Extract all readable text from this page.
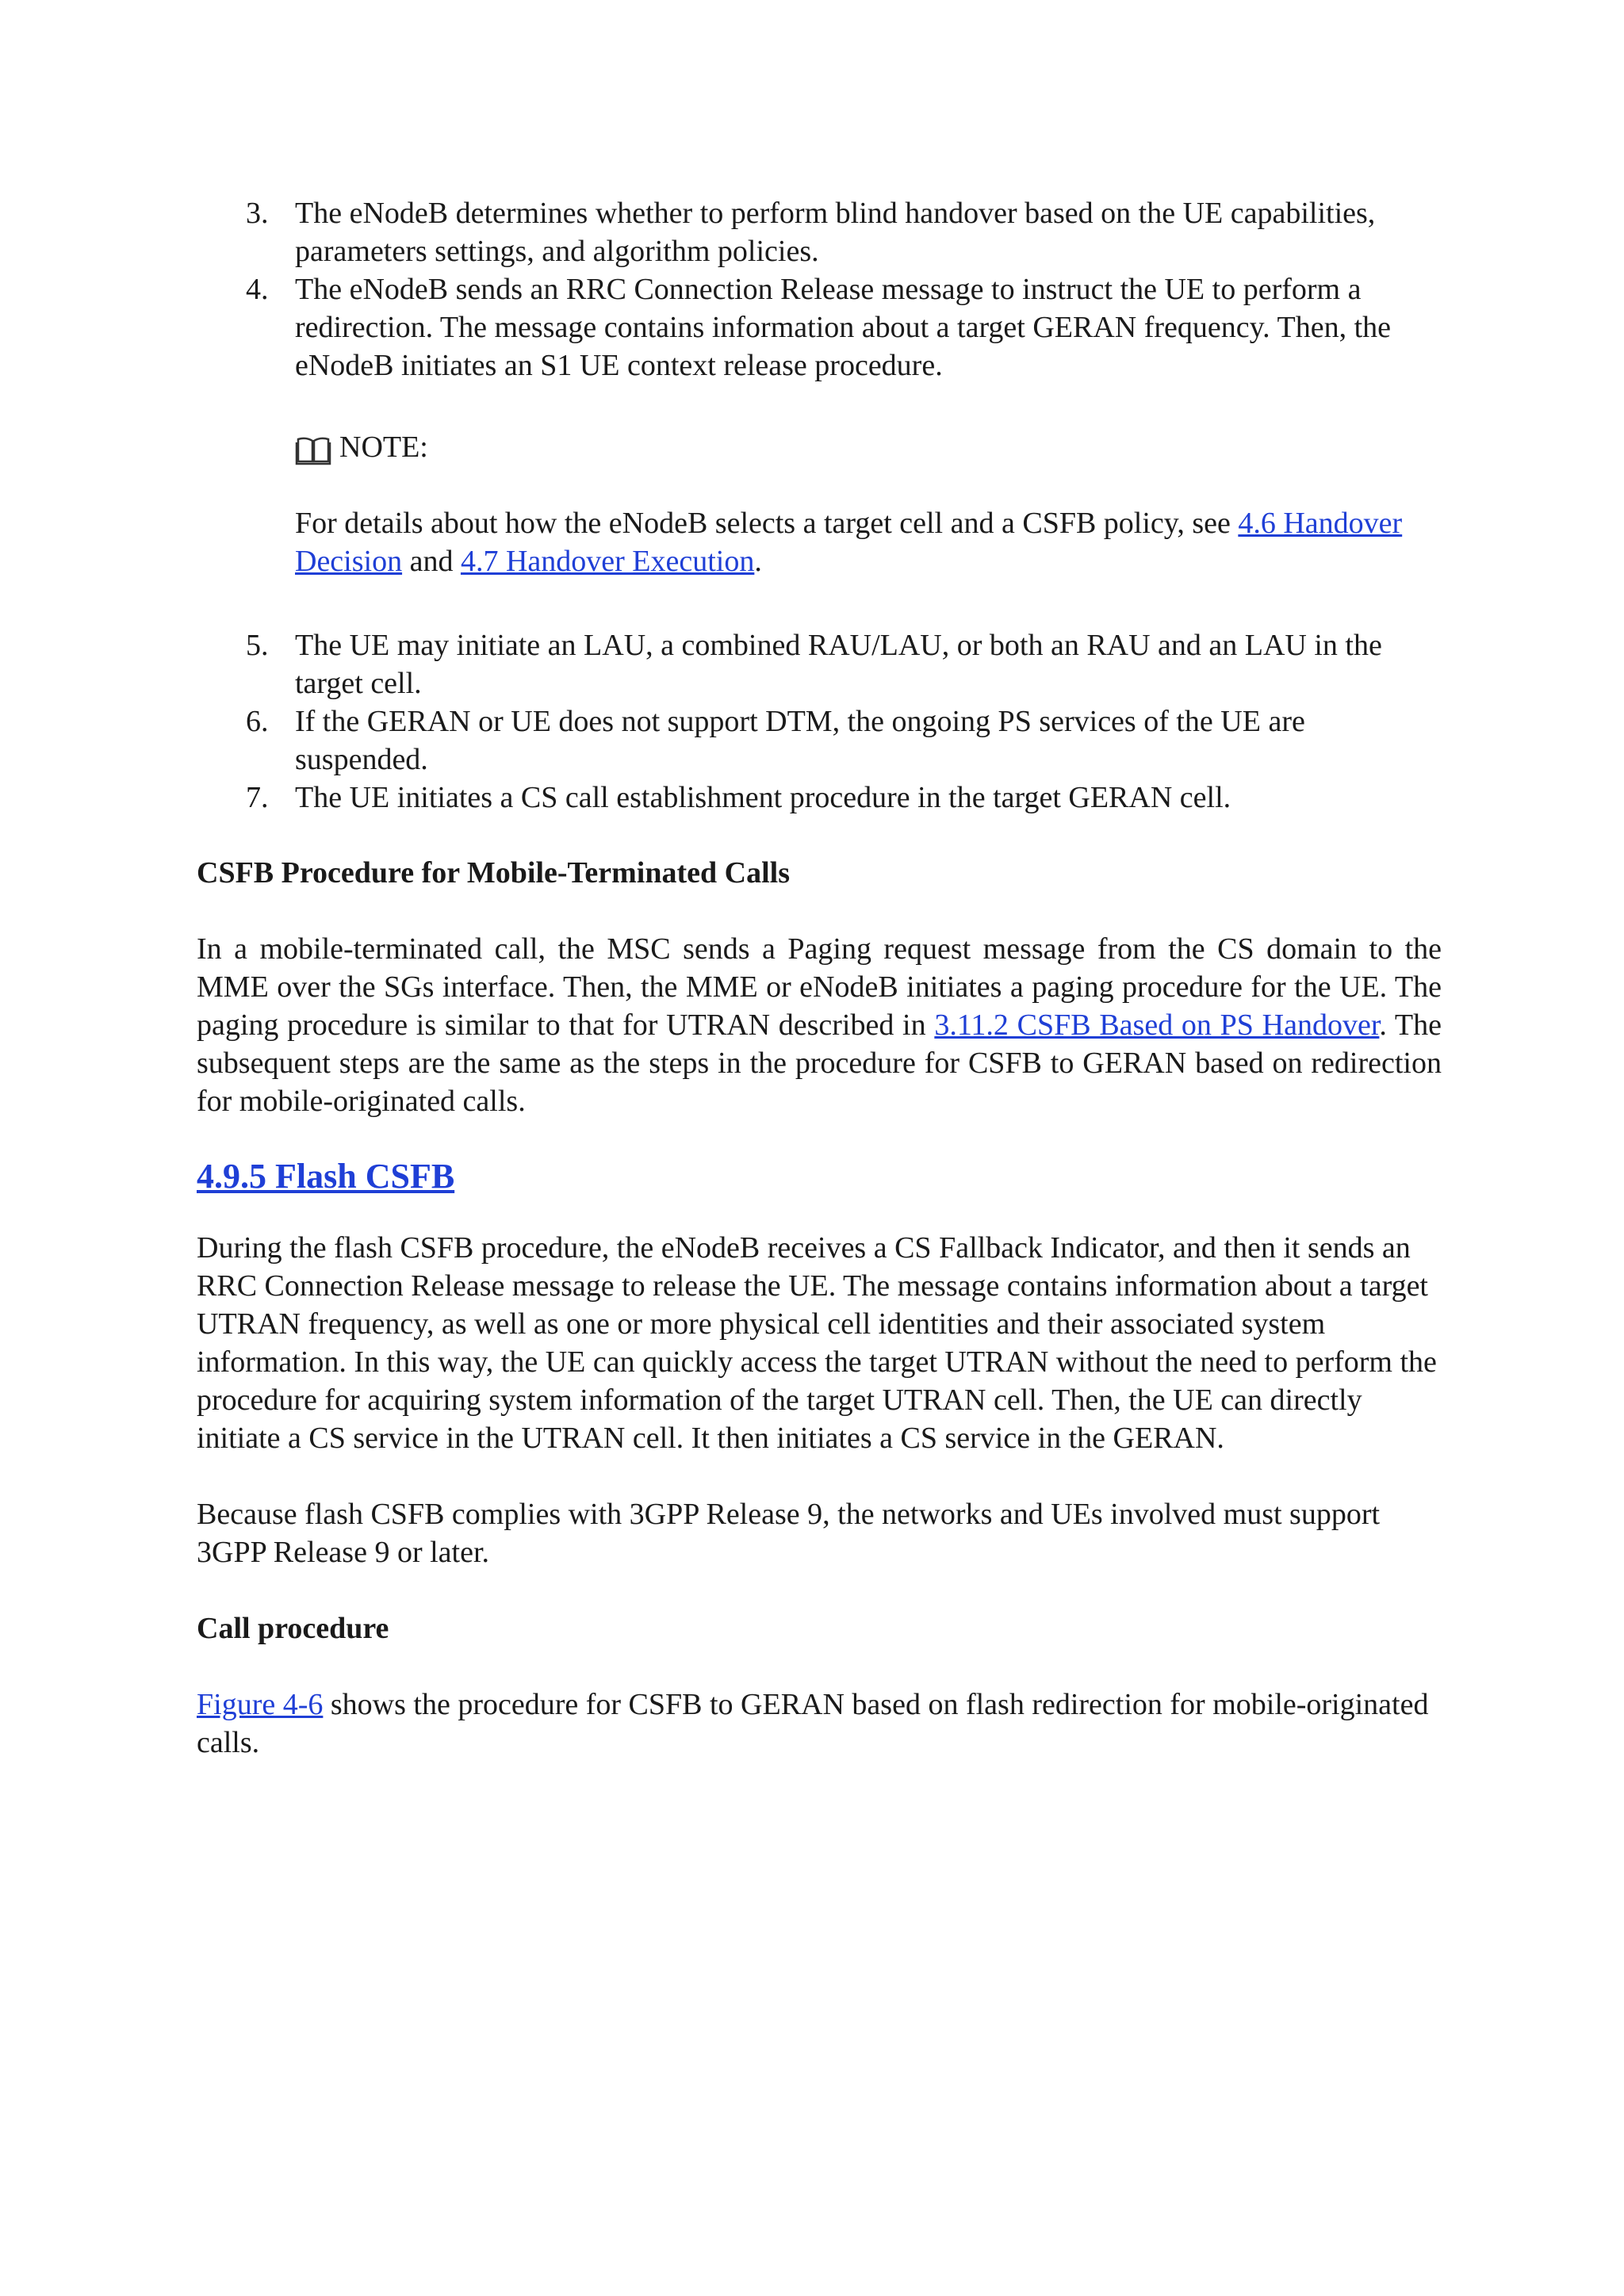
3. The eNodeB determines whether to perform blind handover based on the UE capabilities, parameters settings, and algorithm policies.
4. The eNodeB sends an RRC Connection Release message to instruct the UE to perform a redirection. The message contains information about a target GERAN frequency. Then, the eNodeB initiates an S1 UE context release procedure.
NOTE:

For details about how the eNodeB selects a target cell and a CSFB policy, see 4.6 Handover Decision and 4.7 Handover Execution.

5. The UE may initiate an LAU, a combined RAU/LAU, or both an RAU and an LAU in the target cell.
6. If the GERAN or UE does not support DTM, the ongoing PS services of the UE are suspended.
7. The UE initiates a CS call establishment procedure in the target GERAN cell.

CSFB Procedure for Mobile-Terminated Calls

In a mobile-terminated call, the MSC sends a Paging request message from the CS domain to the MME over the SGs interface. Then, the MME or eNodeB initiates a paging procedure for the UE. The paging procedure is similar to that for UTRAN described in 3.11.2 CSFB Based on PS Handover. The subsequent steps are the same as the steps in the procedure for CSFB to GERAN based on redirection for mobile-originated calls.

4.9.5 Flash CSFB

During the flash CSFB procedure, the eNodeB receives a CS Fallback Indicator, and then it sends an RRC Connection Release message to release the UE. The message contains information about a target UTRAN frequency, as well as one or more physical cell identities and their associated system information. In this way, the UE can quickly access the target UTRAN without the need to perform the procedure for acquiring system information of the target UTRAN cell. Then, the UE can directly initiate a CS service in the UTRAN cell. It then initiates a CS service in the GERAN.

Because flash CSFB complies with 3GPP Release 9, the networks and UEs involved must support 3GPP Release 9 or later.

Call procedure

Figure 4-6 shows the procedure for CSFB to GERAN based on flash redirection for mobile-originated calls.
